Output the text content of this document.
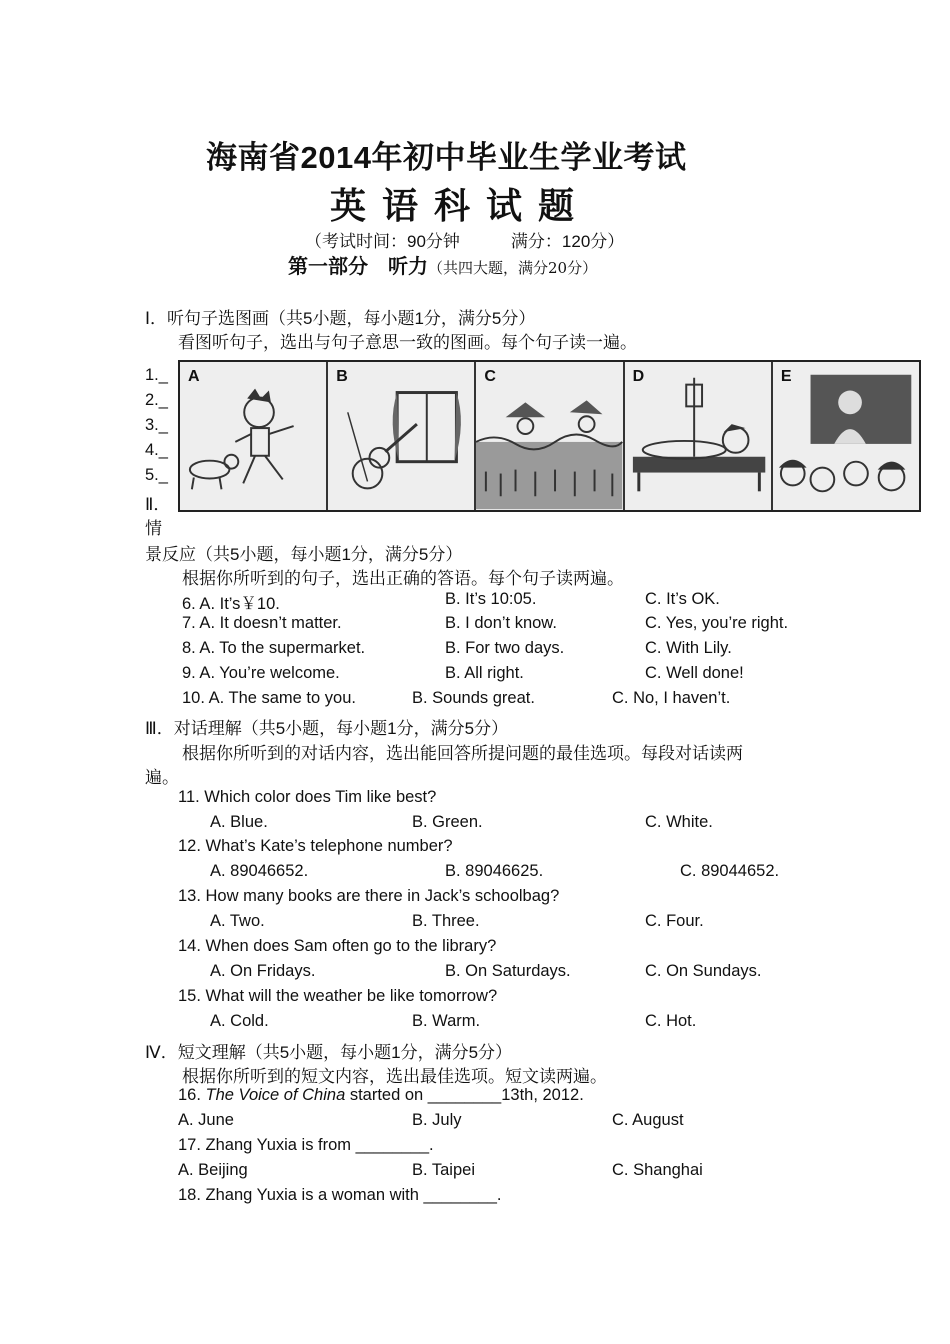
海南省2014年初中毕业生学业考试
英语科试题
（考试时间：90分钟　　　满分：120分）
第一部分　听力（共四大题，满分20分）
Ⅰ．听句子选图画（共5小题，每小题1分，满分5分）
看图听句子，选出与句子意思一致的图画。每个句子读一遍。
1._
2._
3._
4._
5._
A	B	C	D	E
Ⅱ．
情
景反应（共5小题，每小题1分，满分5分）
根据你所听到的句子，选出正确的答语。每个句子读两遍。
6. A. It’s￥10.	B. It’s 10:05.	C. It’s OK.
7. A. It doesn’t matter.	B. I don’t know.	C. Yes, you’re right.
8. A. To the supermarket.	B. For two days.	C. With Lily.
9. A. You’re welcome.	B. All right.	C. Well done!
10. A. The same to you.	B. Sounds great.	C. No, I haven’t.
Ⅲ．对话理解（共5小题，每小题1分，满分5分）
根据你所听到的对话内容，选出能回答所提问题的最佳选项。每段对话读两
遍。
11. Which color does Tim like best?
A. Blue.	B. Green.	C. White.
12. What’s Kate’s telephone number?
A. 89046652.	B. 89046625.	C. 89044652.
13. How many books are there in Jack’s schoolbag?
A. Two.	B. Three.	C. Four.
14. When does Sam often go to the library?
A. On Fridays.	B. On Saturdays.	C. On Sundays.
15. What will the weather be like tomorrow?
A. Cold.	B. Warm.	C. Hot.
Ⅳ．短文理解（共5小题，每小题1分，满分5分）
根据你所听到的短文内容，选出最佳选项。短文读两遍。
16. The Voice of China started on ________13th, 2012.
A. June	B. July	C. August
17. Zhang Yuxia is from ________.
A. Beijing	B. Taipei	C. Shanghai
18. Zhang Yuxia is a woman with ________.
